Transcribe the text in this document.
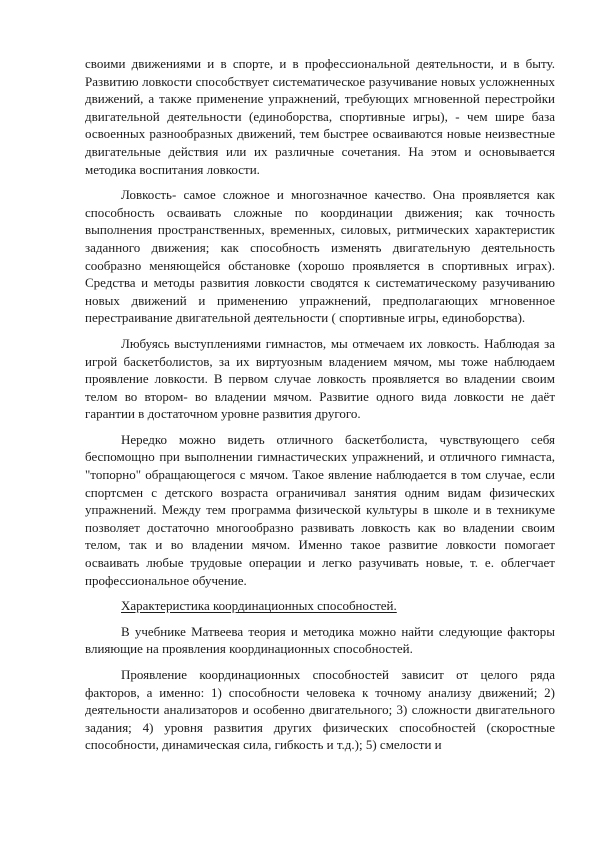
своими движениями и в спорте, и в профессиональной деятельности, и в быту. Развитию ловкости способствует систематическое разучивание новых усложненных движений, а также применение упражнений, требующих мгновенной перестройки двигательной деятельности (единоборства, спортивные игры), - чем шире база освоенных разнообразных движений, тем быстрее осваиваются новые неизвестные двигательные действия или их различные сочетания. На этом и основывается методика воспитания ловкости.

Ловкость- самое сложное и многозначное качество. Она проявляется как способность осваивать сложные по координации движения; как точность выполнения пространственных, временных, силовых, ритмических характеристик заданного движения; как способность изменять двигательную деятельность сообразно меняющейся обстановке (хорошо проявляется в спортивных играх). Средства и методы развития ловкости сводятся к систематическому разучиванию новых движений и применению упражнений, предполагающих мгновенное перестраивание двигательной деятельности ( спортивные игры, единоборства).

Любуясь выступлениями гимнастов, мы отмечаем их ловкость. Наблюдая за игрой баскетболистов, за их виртуозным владением мячом, мы тоже наблюдаем проявление ловкости. В первом случае ловкость проявляется во владении своим телом во втором- во владении мячом. Развитие одного вида ловкости не даёт гарантии в достаточном уровне развития другого.

Нередко можно видеть отличного баскетболиста, чувствующего себя беспомощно при выполнении гимнастических упражнений, и отличного гимнаста, "топорно" обращающегося с мячом. Такое явление наблюдается в том случае, если спортсмен с детского возраста ограничивал занятия одним видам физических упражнений. Между тем программа физической культуры в школе и в техникуме позволяет достаточно многообразно развивать ловкость как во владении своим телом, так и во владении мячом. Именно такое развитие ловкости помогает осваивать любые трудовые операции и легко разучивать новые, т. е. облегчает профессиональное обучение.

Характеристика координационных способностей.

В учебнике Матвеева теория и методика можно найти следующие факторы влияющие на проявления координационных способностей.

Проявление координационных способностей зависит от целого ряда факторов, а именно: 1) способности человека к точному анализу движений; 2) деятельности анализаторов и особенно двигательного; 3) сложности двигательного задания; 4) уровня развития других физических способностей (скоростные способности, динамическая сила, гибкость и т.д.); 5) смелости и
